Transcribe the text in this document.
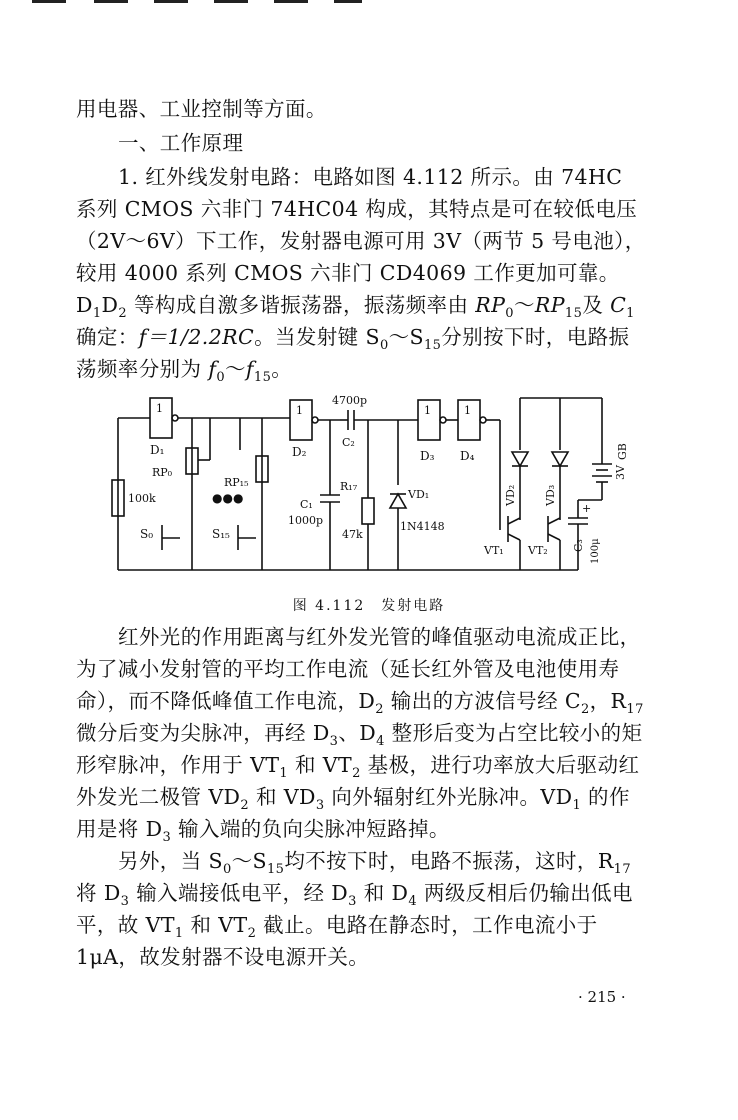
用电器、工业控制等方面。

一、工作原理

1. 红外线发射电路：电路如图 4.112 所示。由 74HC 系列 CMOS 六非门 74HC04 构成，其特点是可在较低电压（2V～6V）下工作，发射器电源可用 3V（两节 5 号电池），较用 4000 系列 CMOS 六非门 CD4069 工作更加可靠。$D_1D_2$ 等构成自激多谐振荡器，振荡频率由 $RP_0\sim RP_{15}$及 $C_1$ 确定：f＝1/2.2RC。当发射键 $S_0\sim S_{15}$分别按下时，电路振荡频率分别为 $f_0\sim f_{15}$。

1
D₁
100k
RP₀
RP₁₅
●●●
S₀	S₁₅
1
D₂
C₁
1000p
4700p
C₂
R₁₇
47k
VD₁
1N4148
1
D₃
1
D₄
VD₂ VD₃
VT₁ VT₂
+
C₃ 100μ
GB
3V
图 4.112　发射电路

红外光的作用距离与红外发光管的峰值驱动电流成正比，为了减小发射管的平均工作电流（延长红外管及电池使用寿命），而不降低峰值工作电流，$D_2$ 输出的方波信号经 $C_2$，$R_{17}$ 微分后变为尖脉冲，再经 $D_3$、$D_4$ 整形后变为占空比较小的矩形窄脉冲，作用于 $VT_1$ 和 $VT_2$ 基极，进行功率放大后驱动红外发光二极管 $VD_2$ 和 $VD_3$ 向外辐射红外光脉冲。$VD_1$ 的作用是将 $D_3$ 输入端的负向尖脉冲短路掉。

另外，当 $S_0\sim S_{15}$均不按下时，电路不振荡，这时，$R_{17}$ 将 $D_3$ 输入端接低电平，经 $D_3$ 和 $D_4$ 两级反相后仍输出低电平，故 $VT_1$ 和 $VT_2$ 截止。电路在静态时，工作电流小于 1μA，故发射器不设电源开关。

· 215 ·
